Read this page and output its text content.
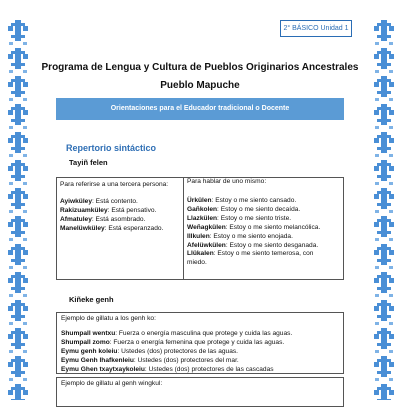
2° BÁSICO Unidad 1
Programa de Lengua y Cultura de Pueblos Originarios Ancestrales
Pueblo Mapuche
Orientaciones para el Educador tradicional o Docente
Repertorio sintáctico
Tayiñ felen
Para referirse a una tercera persona:
Ayiwküley: Está contento.
Rakizuamküley: Está pensativo.
Afmatuley: Está asombrado.
Manelüwküley: Está esperanzado.
Para hablar de uno mismo:
Ürkülen: Estoy o me siento cansado.
Gañkolen: Estoy o me siento decaída.
Llazkülen: Estoy o me siento triste.
Weñagkülen: Estoy o me siento melancólica.
Illkulen: Estoy o me siento enojada.
Afelüwkülen: Estoy o me siento desganada.
Llükalen: Estoy o me siento temerosa, con
miedo.
Kiñeke genh
Ejemplo de gillatu a los genh ko:
Shumpall wentxu: Fuerza o energía masculina que protege y cuida las aguas.
Shumpall zomo: Fuerza o energía femenina que protege y cuida las aguas.
Eymu genh koleiu: Ustedes (dos) protectores de las aguas.
Eymu Genh lhafkenleiu: Ustedes (dos) protectores del mar.
Eymu Ghen txaytxaykoleiu: Ustedes (dos) protectores de las cascadas
Ejemplo de gillatu al genh wingkul:
